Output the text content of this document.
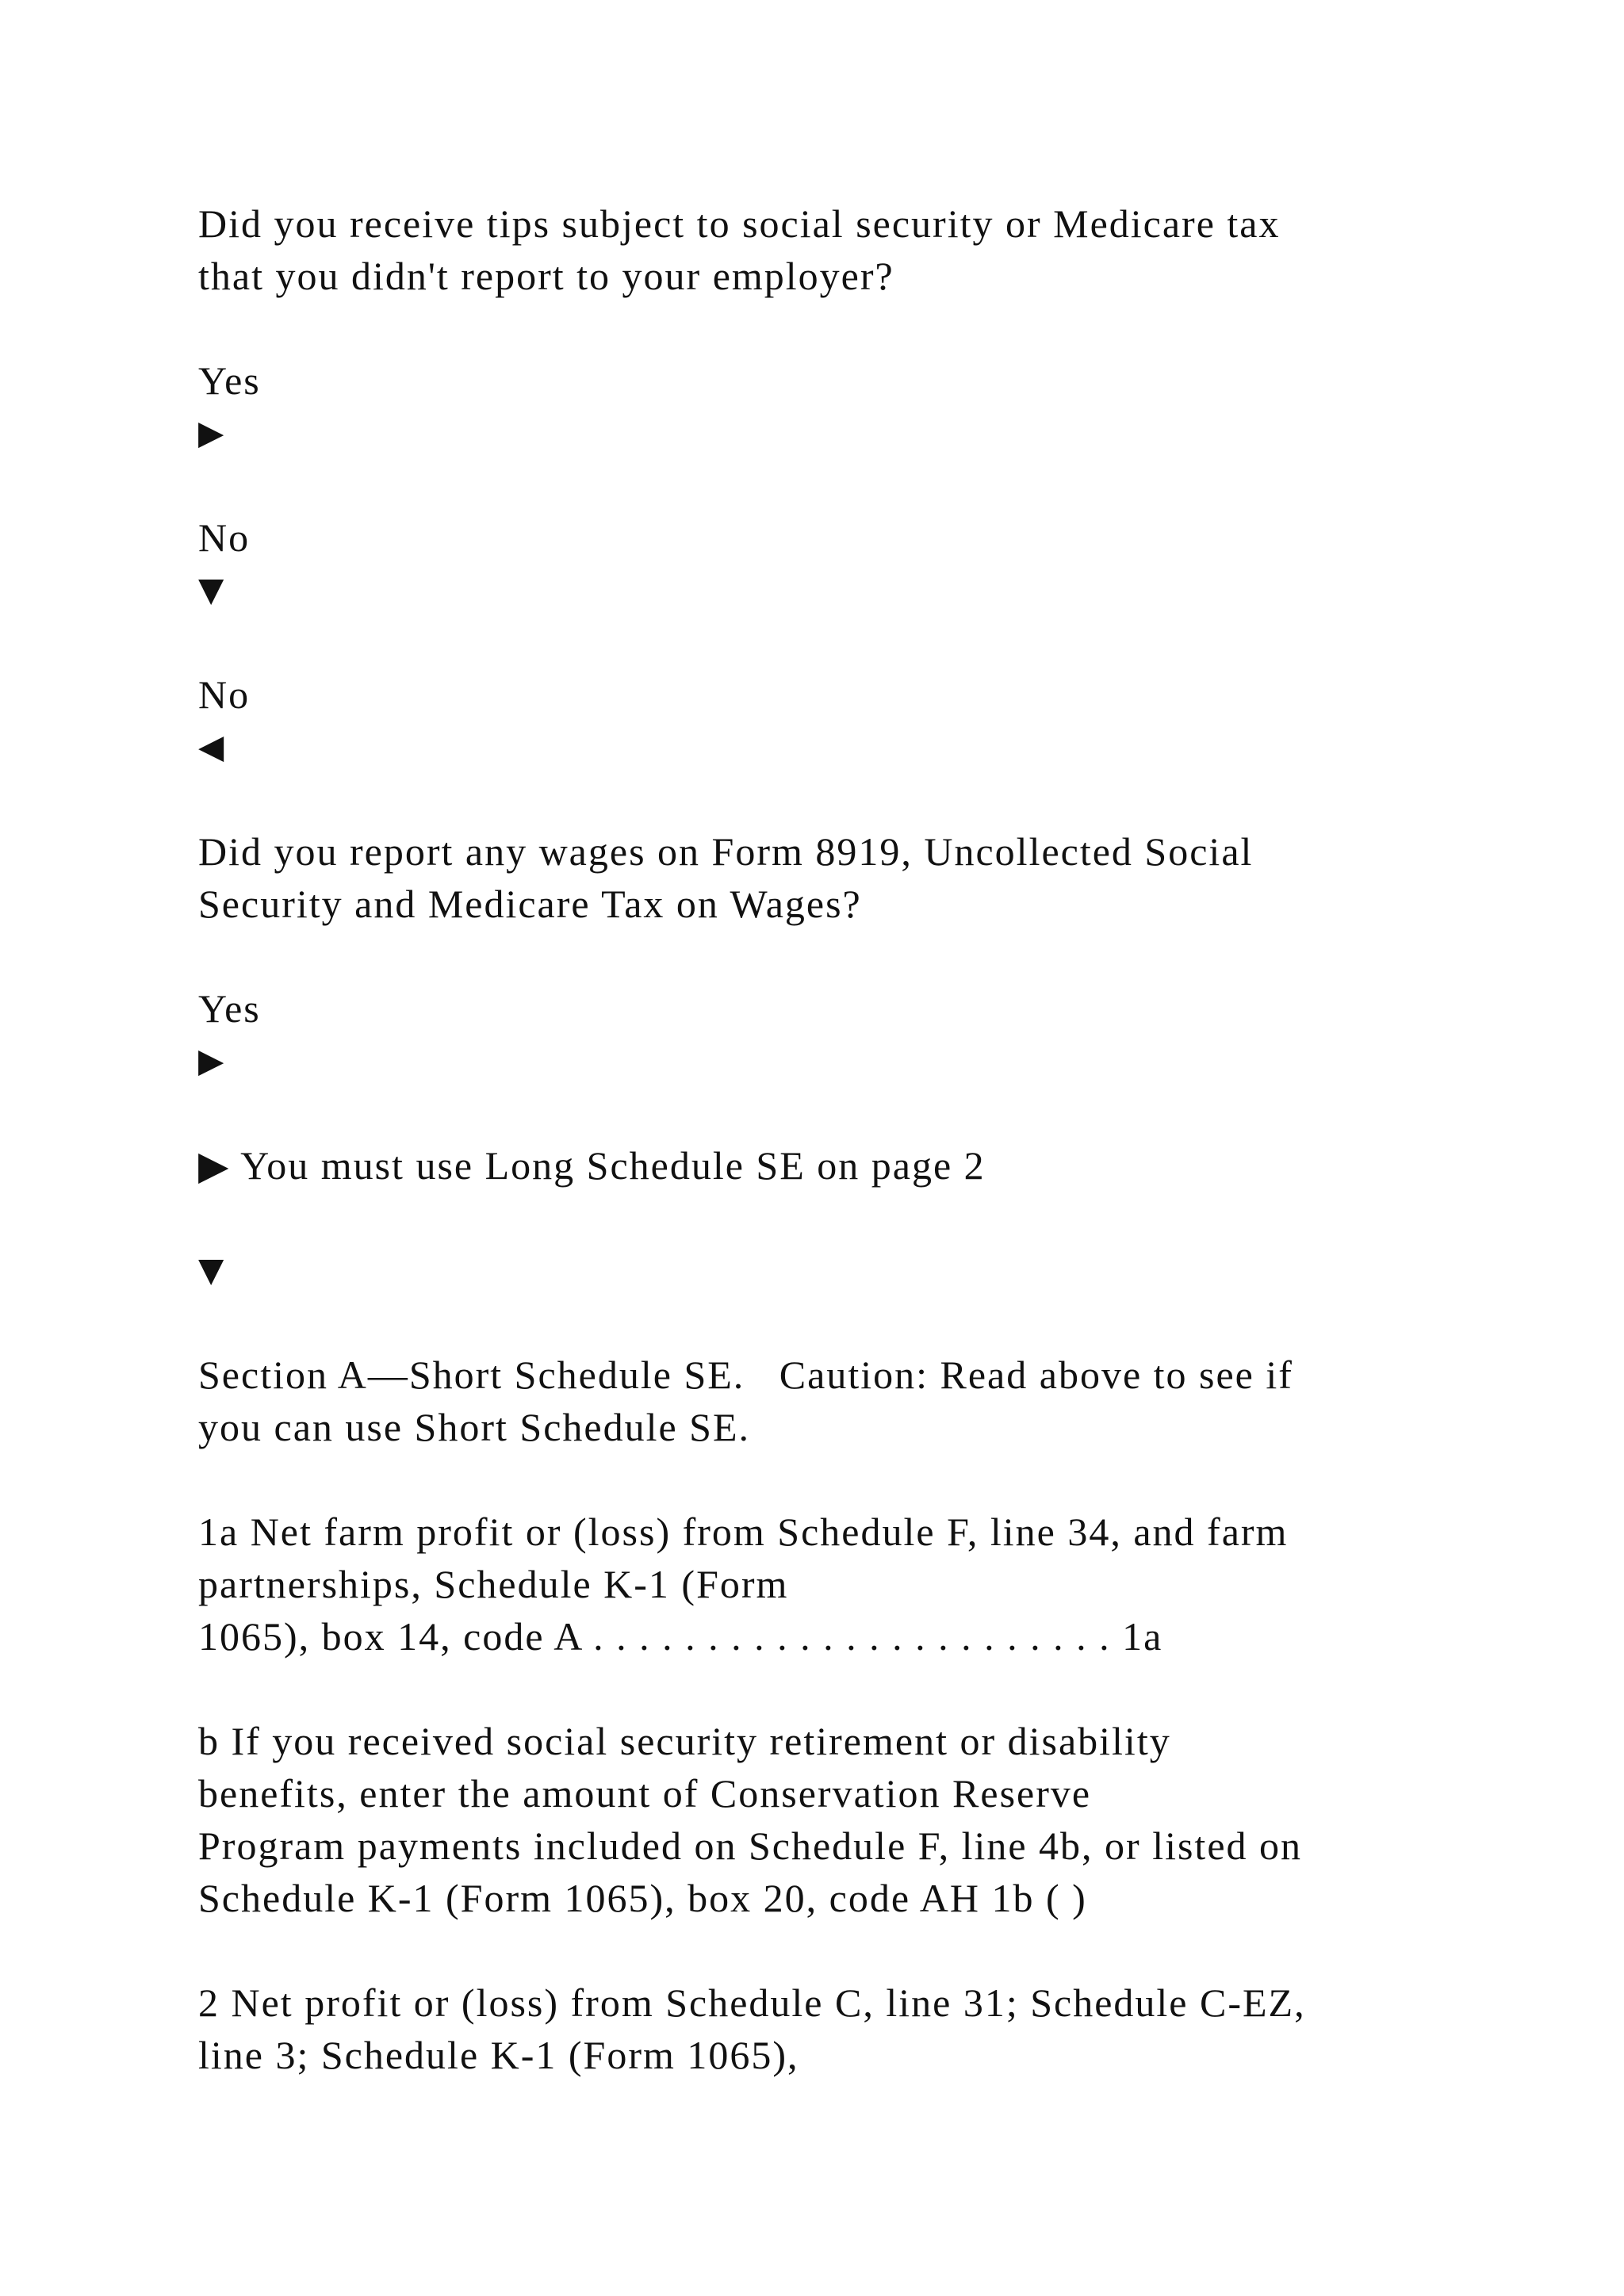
Did you receive tips subject to social security or Medicare tax
that you didn't report to your employer?
Yes
▶
No
▼
No
◀
Did you report any wages on Form 8919, Uncollected Social
Security and Medicare Tax on Wages?
Yes
▶
▶ You must use Long Schedule SE on page 2
▼
Section A—Short Schedule SE.   Caution: Read above to see if
you can use Short Schedule SE.
1a Net farm profit or (loss) from Schedule F, line 34, and farm
partnerships, Schedule K-1 (Form
1065), box 14, code A . . . . . . . . . . . . . . . . . . . . . . . 1a
b If you received social security retirement or disability
benefits, enter the amount of Conservation Reserve
Program payments included on Schedule F, line 4b, or listed on
Schedule K-1 (Form 1065), box 20, code AH 1b ( )
2 Net profit or (loss) from Schedule C, line 31; Schedule C-EZ,
line 3; Schedule K-1 (Form 1065),
